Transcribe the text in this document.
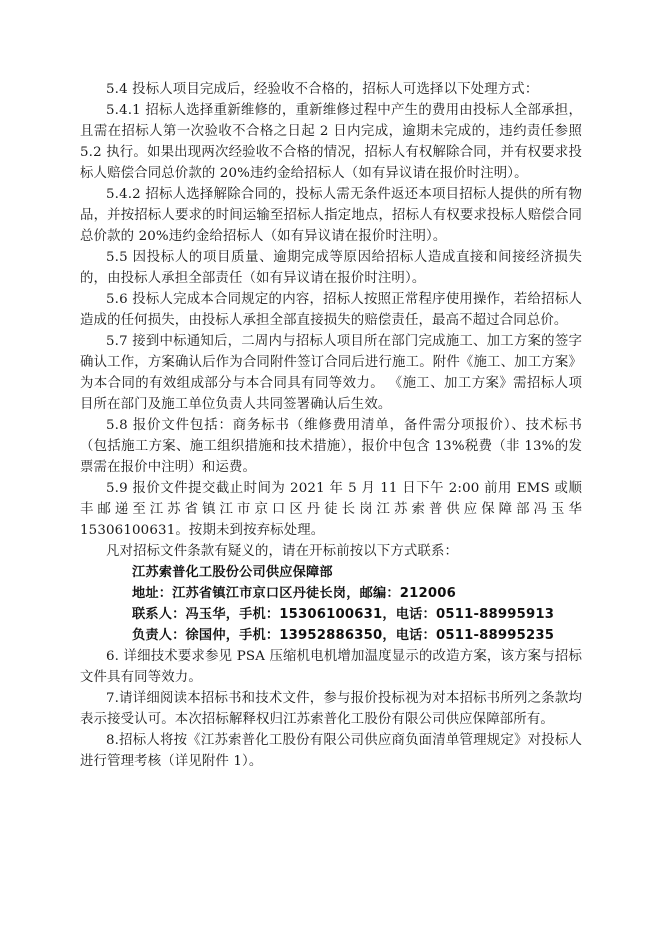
5.4 投标人项目完成后，经验收不合格的，招标人可选择以下处理方式：

5.4.1 招标人选择重新维修的，重新维修过程中产生的费用由投标人全部承担，且需在招标人第一次验收不合格之日起 2 日内完成，逾期未完成的，违约责任参照 5.2 执行。如果出现两次经验收不合格的情况，招标人有权解除合同，并有权要求投标人赔偿合同总价款的 20%违约金给招标人（如有异议请在报价时注明）。

5.4.2 招标人选择解除合同的，投标人需无条件返还本项目招标人提供的所有物品，并按招标人要求的时间运输至招标人指定地点，招标人有权要求投标人赔偿合同总价款的 20%违约金给招标人（如有异议请在报价时注明）。

5.5 因投标人的项目质量、逾期完成等原因给招标人造成直接和间接经济损失的，由投标人承担全部责任（如有异议请在报价时注明）。

5.6 投标人完成本合同规定的内容，招标人按照正常程序使用操作，若给招标人造成的任何损失，由投标人承担全部直接损失的赔偿责任，最高不超过合同总价。

5.7 接到中标通知后，二周内与招标人项目所在部门完成施工、加工方案的签字确认工作，方案确认后作为合同附件签订合同后进行施工。附件《施工、加工方案》为本合同的有效组成部分与本合同具有同等效力。 《施工、加工方案》需招标人项目所在部门及施工单位负责人共同签署确认后生效。

5.8 报价文件包括：商务标书（维修费用清单，备件需分项报价）、技术标书（包括施工方案、施工组织措施和技术措施），报价中包含 13%税费（非 13%的发票需在报价中注明）和运费。

5.9 报价文件提交截止时间为 2021 年 5 月 11 日下午 2:00 前用 EMS 或顺丰邮递至江苏省镇江市京口区丹徒长岗江苏索普供应保障部冯玉华 15306100631。按期未到按弃标处理。

凡对招标文件条款有疑义的，请在开标前按以下方式联系：

江苏索普化工股份公司供应保障部

地址：江苏省镇江市京口区丹徒长岗，邮编：212006

联系人：冯玉华，手机：15306100631，电话：0511-88995913

负责人：徐国仲，手机：13952886350，电话：0511-88995235

6. 详细技术要求参见 PSA 压缩机电机增加温度显示的改造方案，该方案与招标文件具有同等效力。

7.请详细阅读本招标书和技术文件，参与报价投标视为对本招标书所列之条款均表示接受认可。本次招标解释权归江苏索普化工股份有限公司供应保障部所有。

8.招标人将按《江苏索普化工股份有限公司供应商负面清单管理规定》对投标人进行管理考核（详见附件 1）。
